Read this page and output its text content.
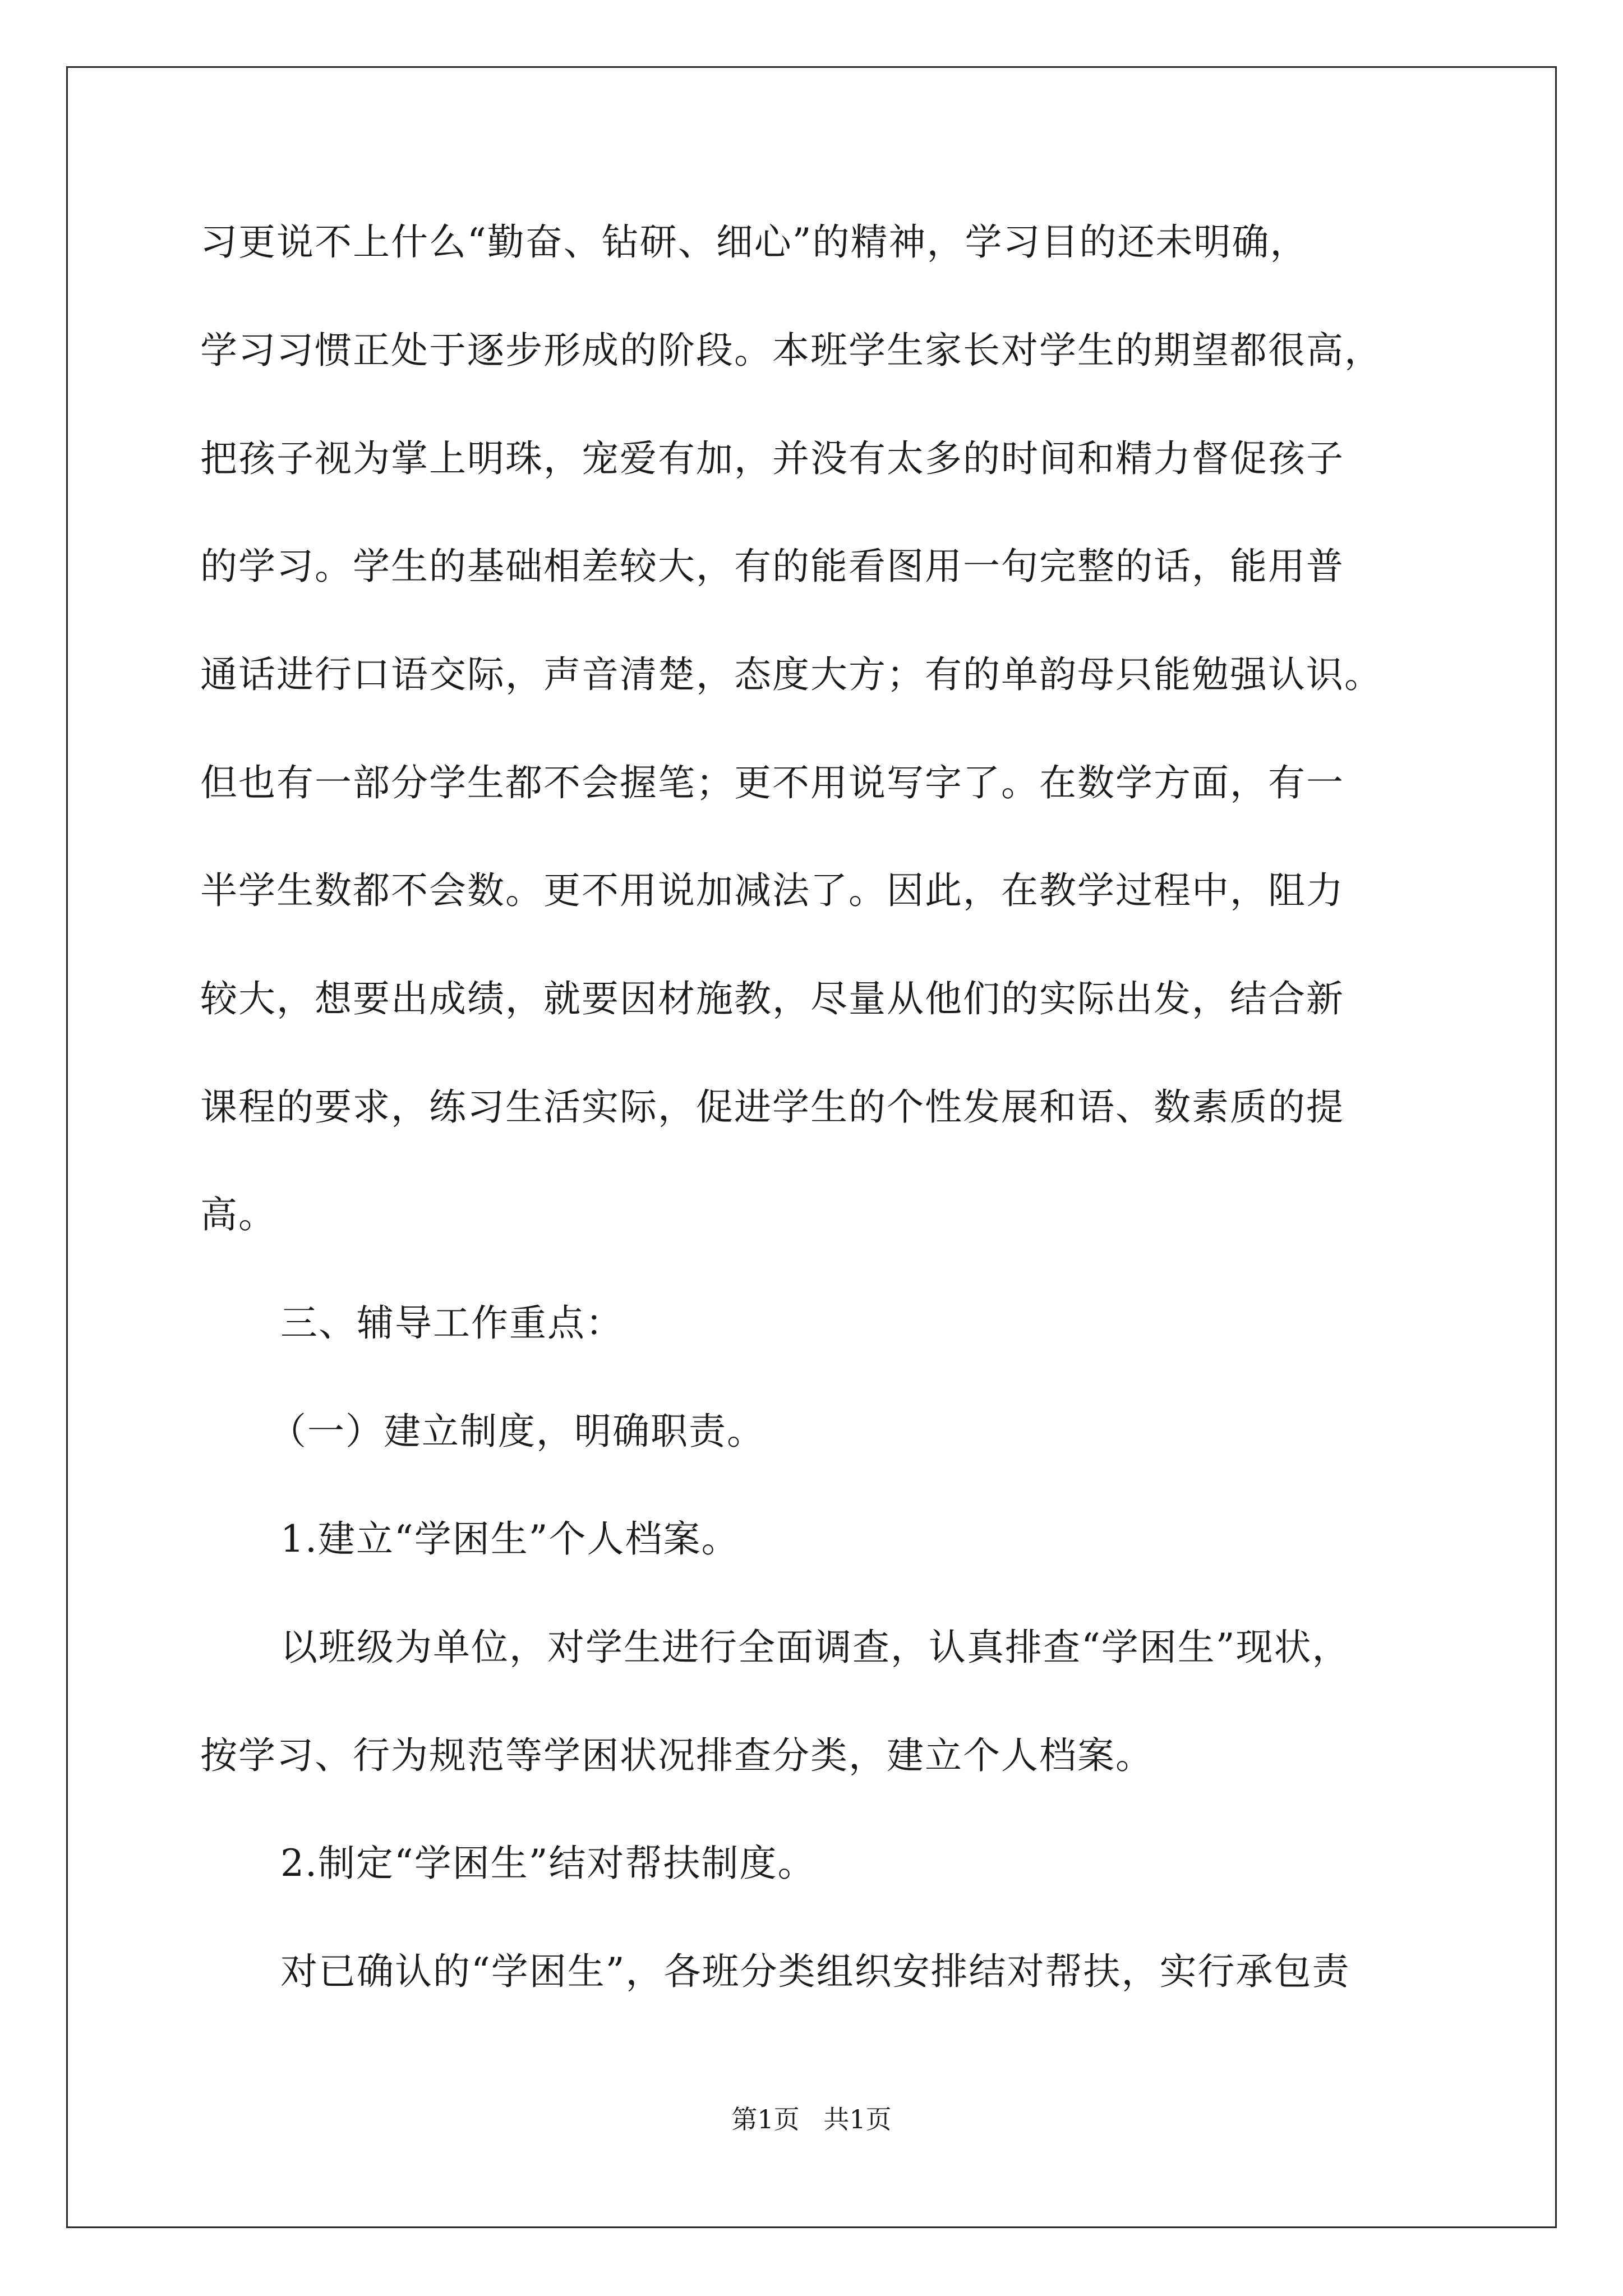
习更说不上什么“勤奋、钻研、细心”的精神，学习目的还未明确，
学习习惯正处于逐步形成的阶段。本班学生家长对学生的期望都很高，
把孩子视为掌上明珠，宠爱有加，并没有太多的时间和精力督促孩子
的学习。学生的基础相差较大，有的能看图用一句完整的话，能用普
通话进行口语交际，声音清楚，态度大方；有的单韵母只能勉强认识。
但也有一部分学生都不会握笔；更不用说写字了。在数学方面，有一
半学生数都不会数。更不用说加减法了。因此，在教学过程中，阻力
较大，想要出成绩，就要因材施教，尽量从他们的实际出发，结合新
课程的要求，练习生活实际，促进学生的个性发展和语、数素质的提
高。
三、辅导工作重点：
（一）建立制度，明确职责。
1.建立“学困生”个人档案。
以班级为单位，对学生进行全面调查，认真排查“学困生”现状，
按学习、行为规范等学困状况排查分类，建立个人档案。
2.制定“学困生”结对帮扶制度。
对已确认的“学困生”，各班分类组织安排结对帮扶，实行承包责
第1页 共1页
